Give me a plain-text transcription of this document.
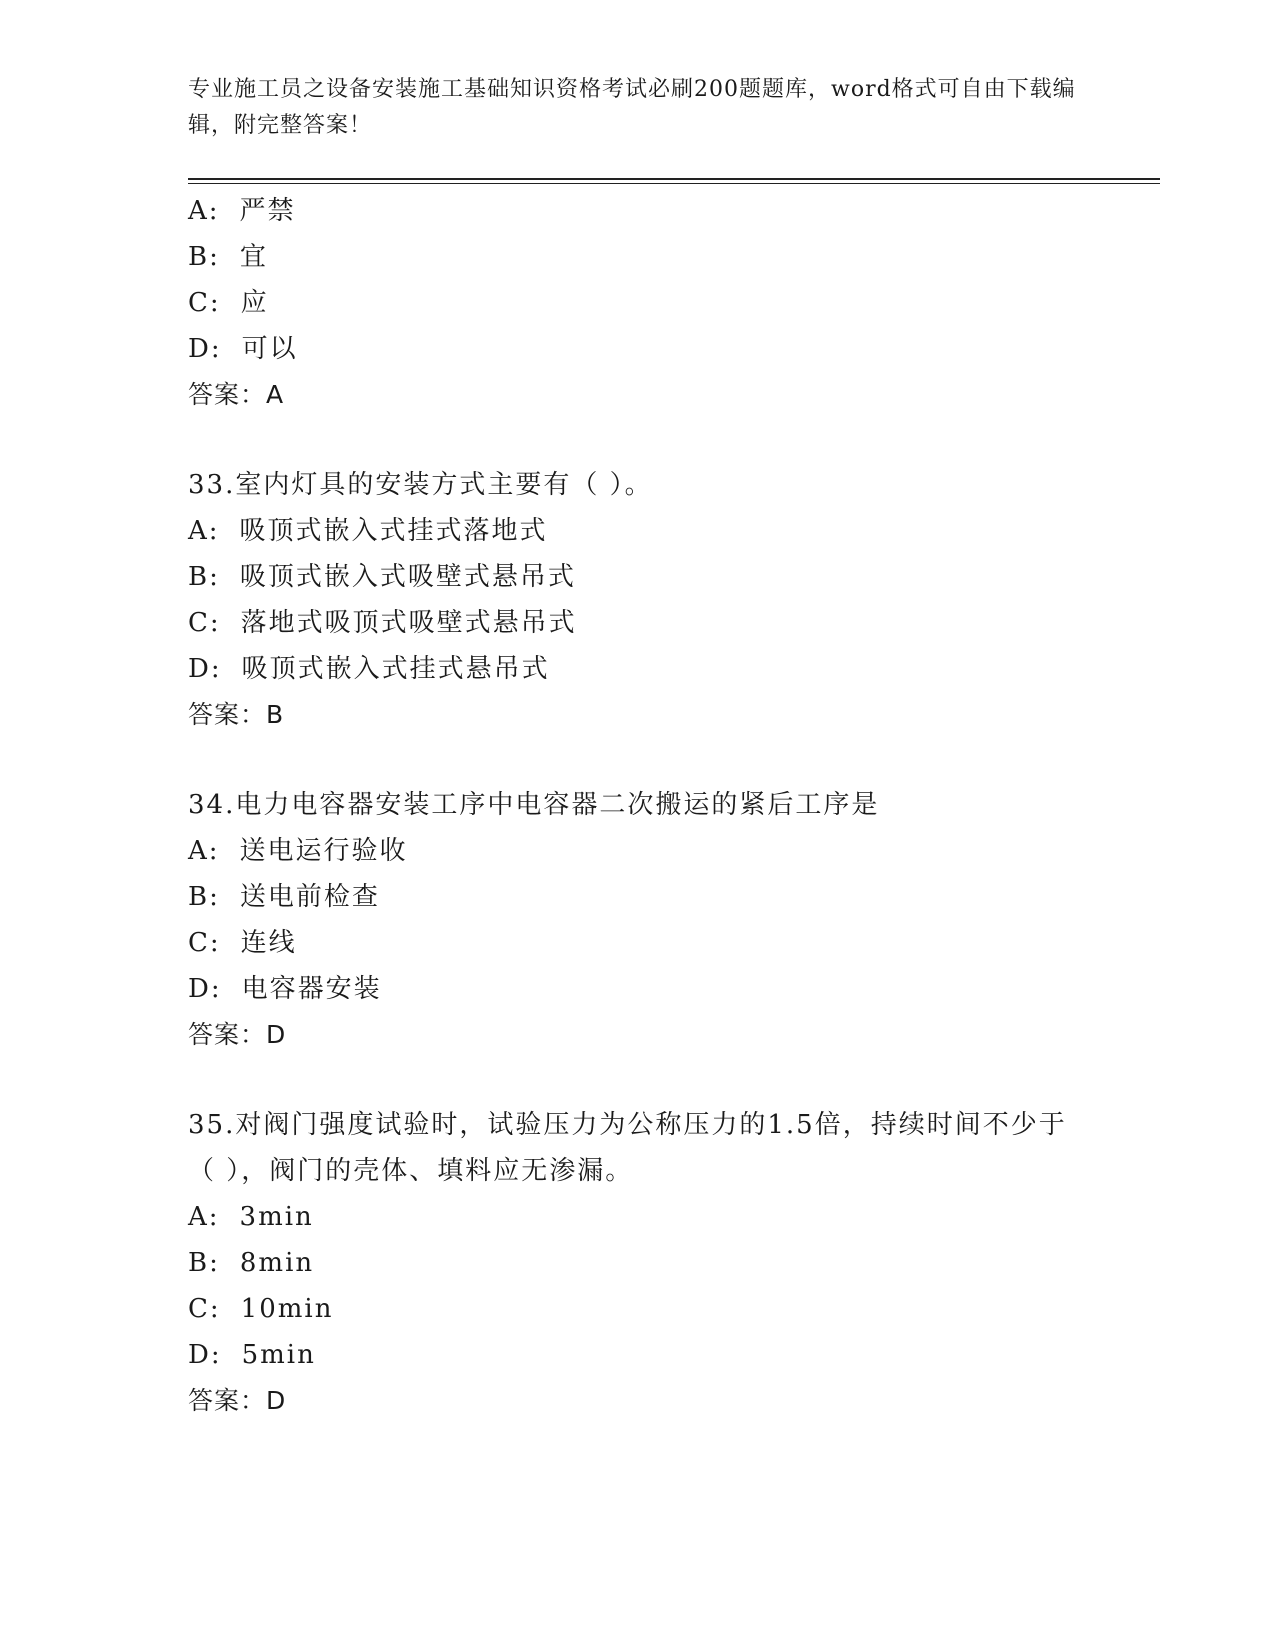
专业施工员之设备安装施工基础知识资格考试必刷200题题库，word格式可自由下载编辑，附完整答案！
A: 严禁
B: 宜
C: 应
D: 可以
答案：A
33.室内灯具的安装方式主要有（ ）。
A: 吸顶式嵌入式挂式落地式
B: 吸顶式嵌入式吸壁式悬吊式
C: 落地式吸顶式吸壁式悬吊式
D: 吸顶式嵌入式挂式悬吊式
答案：B
34.电力电容器安装工序中电容器二次搬运的紧后工序是
A: 送电运行验收
B: 送电前检查
C: 连线
D: 电容器安装
答案：D
35.对阀门强度试验时，试验压力为公称压力的1.5倍，持续时间不少于（ ），阀门的壳体、填料应无渗漏。
A: 3min
B: 8min
C: 10min
D: 5min
答案：D
